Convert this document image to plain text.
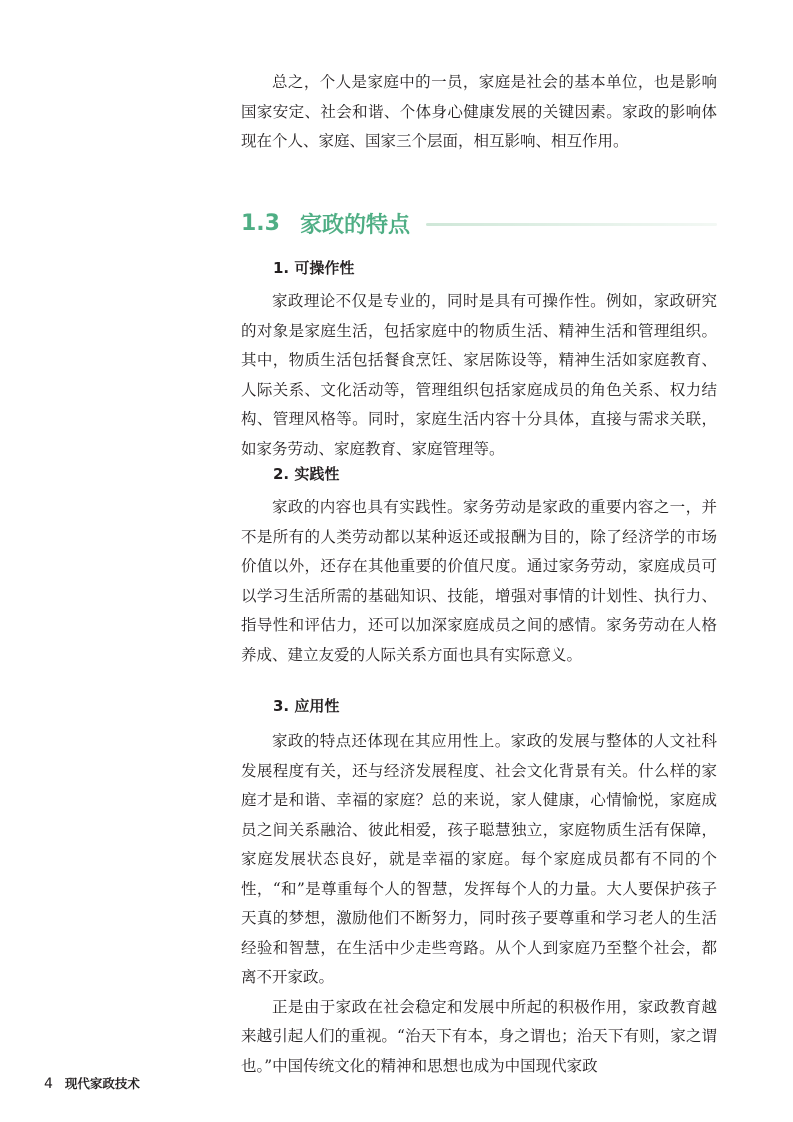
总之，个人是家庭中的一员，家庭是社会的基本单位，也是影响国家安定、社会和谐、个体身心健康发展的关键因素。家政的影响体现在个人、家庭、国家三个层面，相互影响、相互作用。

1.3 家政的特点
1. 可操作性

家政理论不仅是专业的，同时是具有可操作性。例如，家政研究的对象是家庭生活，包括家庭中的物质生活、精神生活和管理组织。其中，物质生活包括餐食烹饪、家居陈设等，精神生活如家庭教育、人际关系、文化活动等，管理组织包括家庭成员的角色关系、权力结构、管理风格等。同时，家庭生活内容十分具体，直接与需求关联，如家务劳动、家庭教育、家庭管理等。

2. 实践性

家政的内容也具有实践性。家务劳动是家政的重要内容之一，并不是所有的人类劳动都以某种返还或报酬为目的，除了经济学的市场价值以外，还存在其他重要的价值尺度。通过家务劳动，家庭成员可以学习生活所需的基础知识、技能，增强对事情的计划性、执行力、指导性和评估力，还可以加深家庭成员之间的感情。家务劳动在人格养成、建立友爱的人际关系方面也具有实际意义。

3. 应用性

家政的特点还体现在其应用性上。家政的发展与整体的人文社科发展程度有关，还与经济发展程度、社会文化背景有关。什么样的家庭才是和谐、幸福的家庭？总的来说，家人健康，心情愉悦，家庭成员之间关系融洽、彼此相爱，孩子聪慧独立，家庭物质生活有保障，家庭发展状态良好，就是幸福的家庭。每个家庭成员都有不同的个性，“和”是尊重每个人的智慧，发挥每个人的力量。大人要保护孩子天真的梦想，激励他们不断努力，同时孩子要尊重和学习老人的生活经验和智慧，在生活中少走些弯路。从个人到家庭乃至整个社会，都离不开家政。

正是由于家政在社会稳定和发展中所起的积极作用，家政教育越来越引起人们的重视。“治天下有本，身之谓也；治天下有则，家之谓也。”中国传统文化的精神和思想也成为中国现代家政

4 现代家政技术
